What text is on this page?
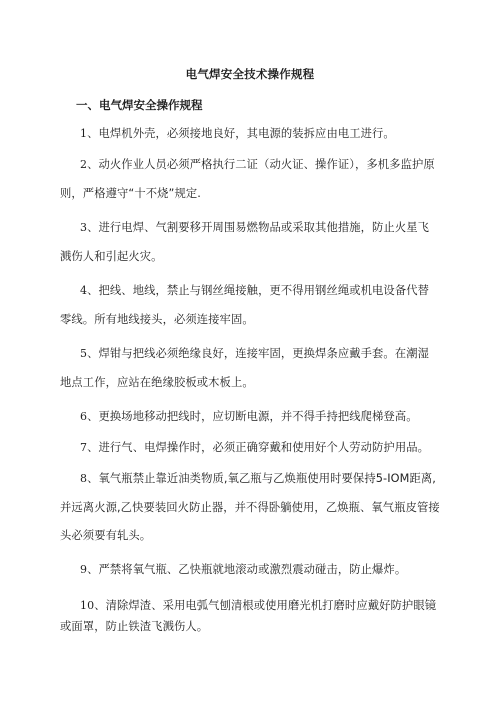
电气焊安全技术操作规程
一、电气焊安全操作规程

1、电焊机外壳，必须接地良好，其电源的装拆应由电工进行。

2、动火作业人员必须严格执行二证（动火证、操作证），多机多监护原则，严格遵守“十不烧”规定.

3、进行电焊、气割要移开周围易燃物品或采取其他措施，防止火星飞溅伤人和引起火灾。

4、把线、地线，禁止与钢丝绳接触，更不得用钢丝绳或机电设备代替零线。所有地线接头，必须连接牢固。

5、焊钳与把线必须绝缘良好，连接牢固，更换焊条应戴手套。在潮湿地点工作，应站在绝缘胶板或木板上。

6、更换场地移动把线时，应切断电源，并不得手持把线爬梯登高。

7、进行气、电焊操作时，必须正确穿戴和使用好个人劳动防护用品。

8、氧气瓶禁止靠近油类物质,氧乙瓶与乙焕瓶使用时要保持5-IOM距离,并远离火源,乙快要装回火防止器，并不得卧躺使用，乙焕瓶、氧气瓶皮管接头必须要有轧头。

9、严禁将氧气瓶、乙快瓶就地滚动或激烈震动碰击，防止爆炸。

10、清除焊渣、采用电弧气刨清根或使用磨光机打磨时应戴好防护眼镜或面罩，防止铁渣飞溅伤人。
